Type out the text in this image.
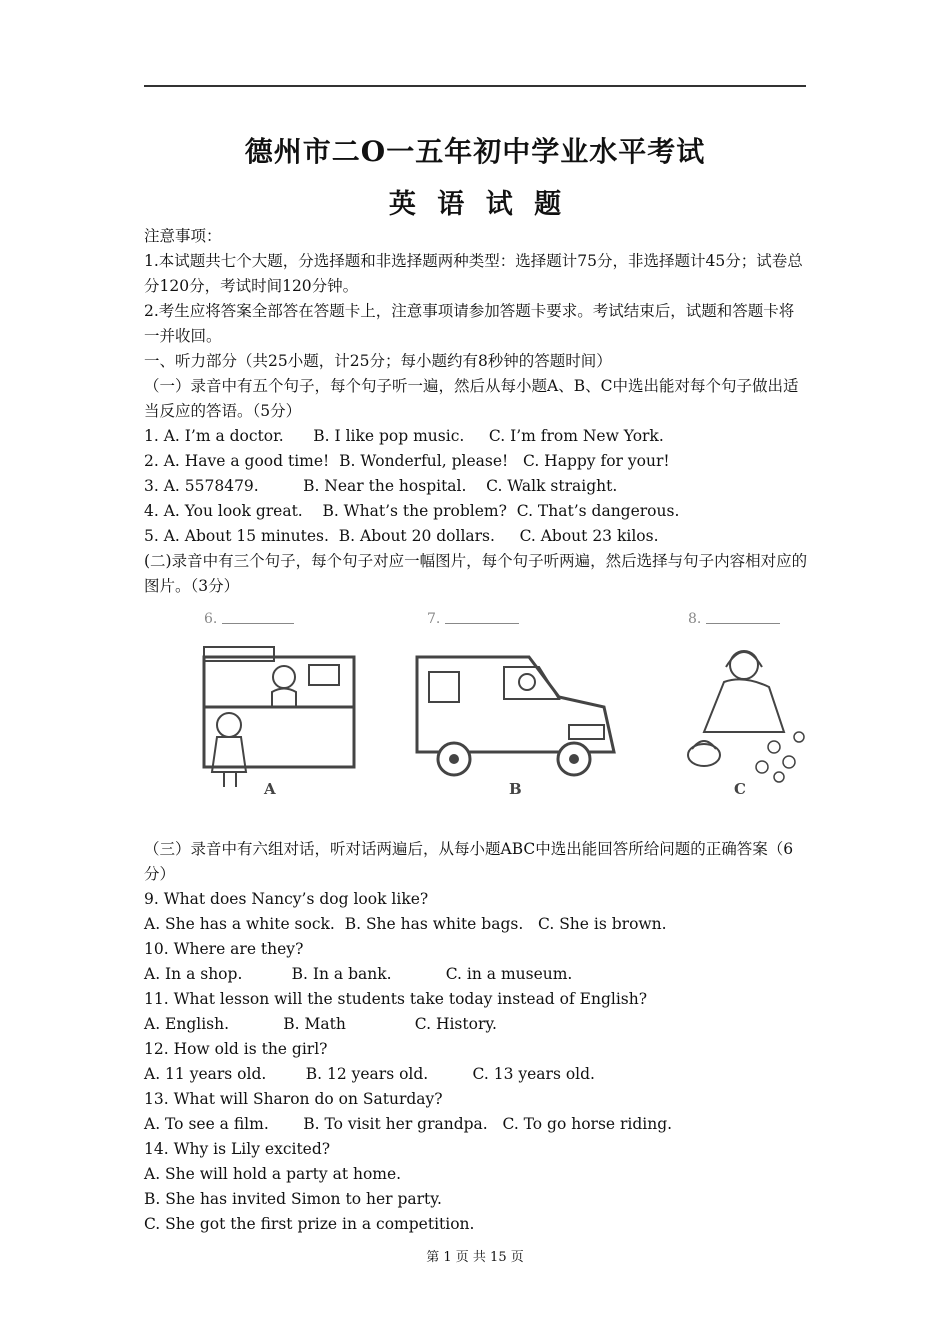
德州市二O一五年初中学业水平考试
英 语 试 题
注意事项：
1.本试题共七个大题，分选择题和非选择题两种类型：选择题计75分，非选择题计45分；试卷总分120分，考试时间120分钟。
2.考生应将答案全部答在答题卡上，注意事项请参加答题卡要求。考试结束后，试题和答题卡将一并收回。
一、听力部分（共25小题，计25分；每小题约有8秒钟的答题时间）
（一）录音中有五个句子，每个句子听一遍，然后从每小题A、B、C中选出能对每个句子做出适当反应的答语。（5分）
1. A. I’m a doctor.      B. I like pop music.     C. I’m from New York.
2. A. Have a good time!  B. Wonderful, please!   C. Happy for your!
3. A. 5578479.         B. Near the hospital.    C. Walk straight.
4. A. You look great.    B. What’s the problem?  C. That’s dangerous.
5. A. About 15 minutes.  B. About 20 dollars.     C. About 23 kilos.
(二)录音中有三个句子，每个句子对应一幅图片，每个句子听两遍，然后选择与句子内容相对应的图片。（3分）
6.
A
7.
B
8.
C
（三）录音中有六组对话，听对话两遍后，从每小题ABC中选出能回答所给问题的正确答案（6分）
9. What does Nancy’s dog look like?
A. She has a white sock.  B. She has white bags.   C. She is brown.
10. Where are they?
A. In a shop.          B. In a bank.           C. in a museum.
11. What lesson will the students take today instead of English?
A. English.           B. Math              C. History.
12. How old is the girl?
A. 11 years old.        B. 12 years old.         C. 13 years old.
13. What will Sharon do on Saturday?
A. To see a film.       B. To visit her grandpa.   C. To go horse riding.
14. Why is Lily excited?
A. She will hold a party at home.
B. She has invited Simon to her party.
C. She got the first prize in a competition.
第 1 页 共 15 页
